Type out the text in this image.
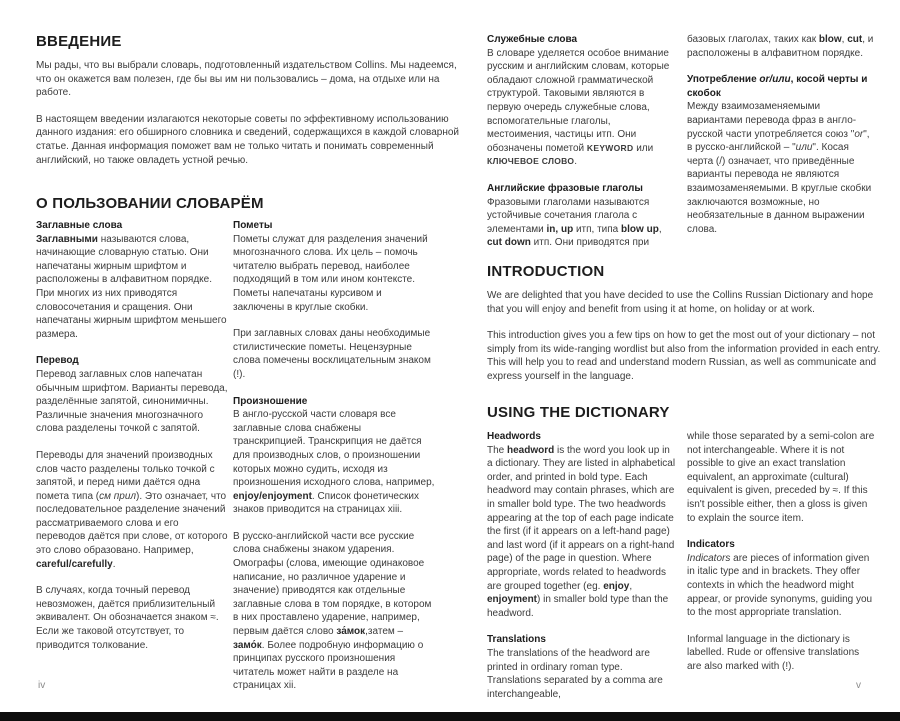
ВВЕДЕНИЕ

Мы рады, что вы выбрали словарь, подготовленный издательством Collins. Мы надеемся, что он окажется вам полезен, где бы вы им ни пользовались – дома, на отдыхе или на работе.

В настоящем введении излагаются некоторые советы по эффективному использованию данного издания: его обширного словника и сведений, содержащихся в каждой словарной статье. Данная информация поможет вам не только читать и понимать современный английский, но также овладеть устной речью.

О ПОЛЬЗОВАНИИ СЛОВАРЁМ
Заглавные слова

Заглавными называются слова, начинающие словарную статью. Они напечатаны жирным шрифтом и расположены в алфавитном порядке. При многих из них приводятся словосочетания и сращения. Они напечатаны жирным шрифтом меньшего размера.

Перевод

Перевод заглавных слов напечатан обычным шрифтом. Варианты перевода, разделённые запятой, синонимичны. Различные значения многозначного слова разделены точкой с запятой.

Переводы для значений производных слов часто разделены только точкой с запятой, и перед ними даётся одна помета типа (см прил). Это означает, что последовательное разделение значений рассматриваемого слова и его переводов даётся при слове, от которого это слово образовано. Например, careful/carefully.

В случаях, когда точный перевод невозможен, даётся приблизительный эквивалент. Он обозначается знаком ≈. Если же таковой отсутствует, то приводится толкование.

Пометы

Пометы служат для разделения значений многозначного слова. Их цель – помочь читателю выбрать перевод, наиболее подходящий в том или ином контексте. Пометы напечатаны курсивом и заключены в круглые скобки.

При заглавных словах даны необходимые стилистические пометы. Нецензурные слова помечены восклицательным знаком (!).

Произношение

В англо-русской части словаря все заглавные слова снабжены транскрипцией. Транскрипция не даётся для производных слов, о произношении которых можно судить, исходя из произношения исходного слова, например, enjoy/enjoyment. Список фонетических знаков приводится на страницах xiii.

В русско-английской части все русские слова снабжены знаком ударения. Омографы (слова, имеющие одинаковое написание, но различное ударение и значение) приводятся как отдельные заглавные слова в том порядке, в котором в них проставлено ударение, например, первым даётся слово за́мок,затем – замо́к. Более подробную информацию о принципах русского произношения читатель может найти в разделе на страницах xii.

iv
Служебные слова

В словаре уделяется особое внимание русским и английским словам, которые обладают сложной грамматической структурой. Таковыми являются в первую очередь служебные слова, вспомогательные глаголы, местоимения, частицы итп. Они обозначены пометой KEYWORD или КЛЮЧЕВОЕ СЛОВО.

Английские фразовые глаголы

Фразовыми глаголами называются устойчивые сочетания глагола с элементами in, up итп, типа blow up, cut down итп. Они приводятся при

базовых глаголах, таких как blow, cut, и расположены в алфавитном порядке.

Употребление or/или, косой черты и скобок

Между взаимозаменяемыми вариантами перевода фраз в англо-русской части употребляется союз "or", в русско-английской – "или". Косая черта (/) означает, что приведённые варианты перевода не являются взаимозаменяемыми. В круглые скобки заключаются возможные, но необязательные в данном выражении слова.

INTRODUCTION

We are delighted that you have decided to use the Collins Russian Dictionary and hope that you will enjoy and benefit from using it at home, on holiday or at work.

This introduction gives you a few tips on how to get the most out of your dictionary – not simply from its wide-ranging wordlist but also from the information provided in each entry. This will help you to read and understand modern Russian, as well as communicate and express yourself in the language.

USING THE DICTIONARY
Headwords

The headword is the word you look up in a dictionary. They are listed in alphabetical order, and printed in bold type. Each headword may contain phrases, which are in smaller bold type. The two headwords appearing at the top of each page indicate the first (if it appears on a left-hand page) and last word (if it appears on a right-hand page) of the page in question. Where appropriate, words related to headwords are grouped together (eg. enjoy, enjoyment) in smaller bold type than the headword.

Translations

The translations of the headword are printed in ordinary roman type. Translations separated by a comma are interchangeable,

while those separated by a semi-colon are not interchangeable. Where it is not possible to give an exact translation equivalent, an approximate (cultural) equivalent is given, preceded by ≈. If this isn't possible either, then a gloss is given to explain the source item.

Indicators

Indicators are pieces of information given in italic type and in brackets. They offer contexts in which the headword might appear, or provide synonyms, guiding you to the most appropriate translation.

Informal language in the dictionary is labelled. Rude or offensive translations are also marked with (!).

v
